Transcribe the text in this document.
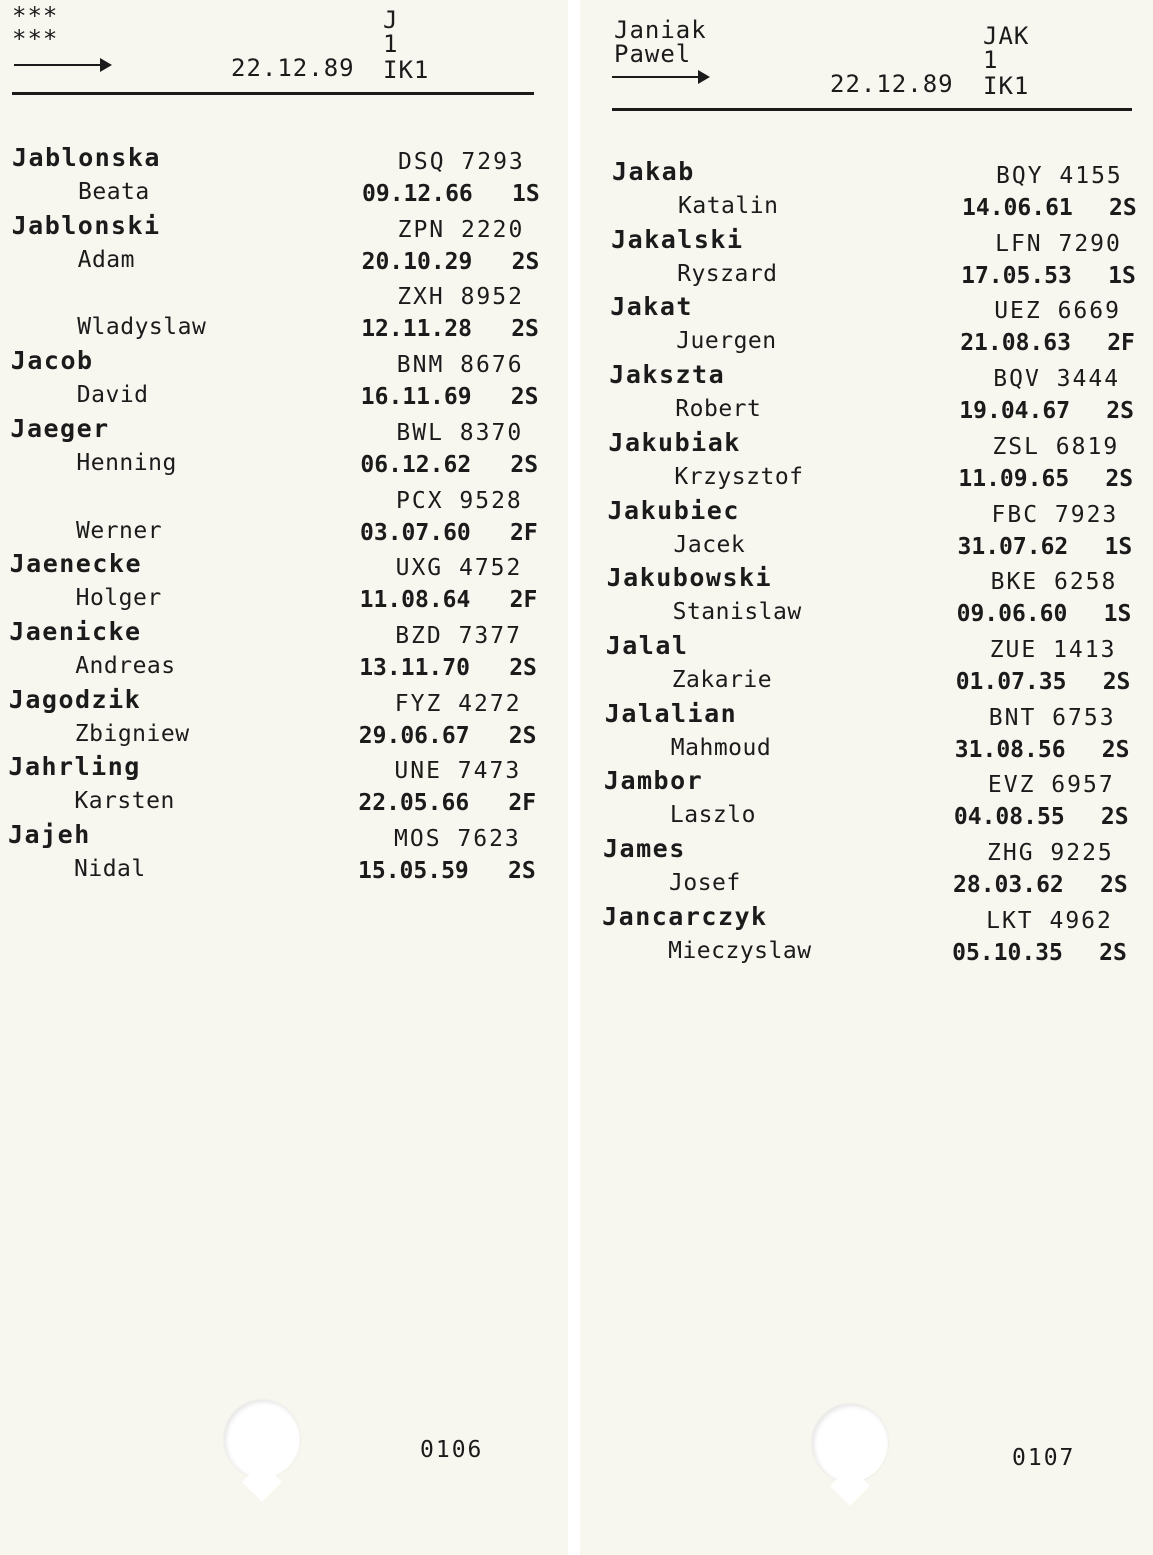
***
***
J
1
22.12.89 IK1
Jablonska
Beata
DSQ 7293
09.12.66 1S
Jablonski
Adam
ZPN 2220
20.10.29 2S
Wladyslaw
ZXH 8952
12.11.28 2S
Jacob
David
BNM 8676
16.11.69 2S
Jaeger
Henning
BWL 8370
06.12.62 2S
Werner
PCX 9528
03.07.60 2F
Jaenecke
Holger
UXG 4752
11.08.64 2F
Jaenicke
Andreas
BZD 7377
13.11.70 2S
Jagodzik
Zbigniew
FYZ 4272
29.06.67 2S
Jahrling
Karsten
UNE 7473
22.05.66 2F
Jajeh
Nidal
MOS 7623
15.05.59 2S
0106
Janiak
Pawel
JAK
1
22.12.89 IK1
Jakab
Katalin
BQY 4155
14.06.61 2S
Jakalski
Ryszard
LFN 7290
17.05.53 1S
Jakat
Juergen
UEZ 6669
21.08.63 2F
Jakszta
Robert
BQV 3444
19.04.67 2S
Jakubiak
Krzysztof
ZSL 6819
11.09.65 2S
Jakubiec
Jacek
FBC 7923
31.07.62 1S
Jakubowski
Stanislaw
BKE 6258
09.06.60 1S
Jalal
Zakarie
ZUE 1413
01.07.35 2S
Jalalian
Mahmoud
BNT 6753
31.08.56 2S
Jambor
Laszlo
EVZ 6957
04.08.55 2S
James
Josef
ZHG 9225
28.03.62 2S
Jancarczyk
Mieczyslaw
LKT 4962
05.10.35 2S
0107
